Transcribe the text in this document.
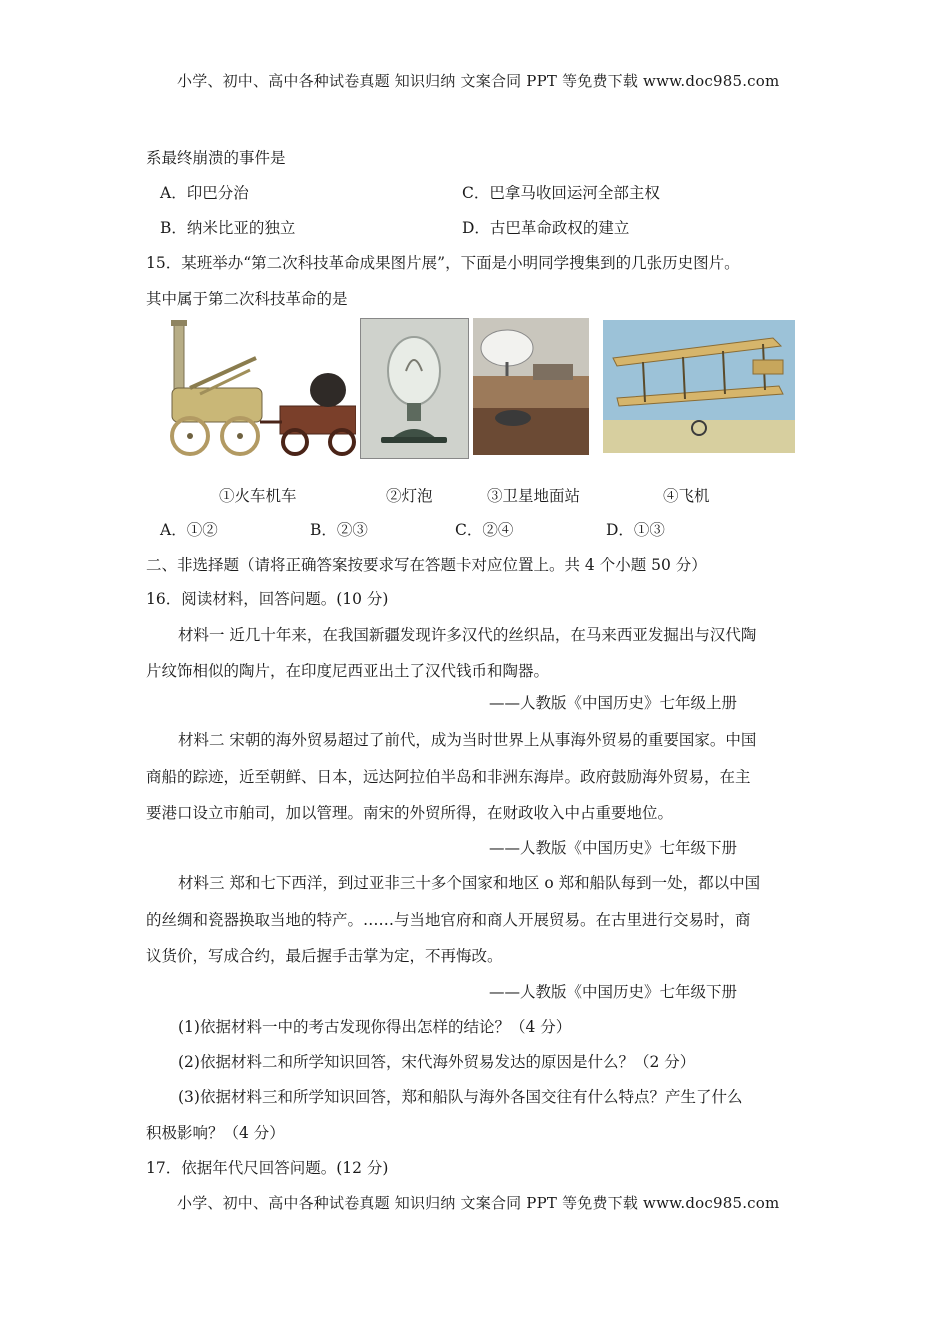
小学、初中、高中各种试卷真题 知识归纳 文案合同 PPT 等免费下载 www.doc985.com
系最终崩溃的事件是
A．印巴分治	C．巴拿马收回运河全部主权
B．纳米比亚的独立	D．古巴革命政权的建立
15．某班举办“第二次科技革命成果图片展”，下面是小明同学搜集到的几张历史图片。
其中属于第二次科技革命的是
①火车机车	②灯泡	③卫星地面站	④飞机
A．①②	B．②③	C．②④	D．①③
二、非选择题（请将正确答案按要求写在答题卡对应位置上。共 4 个小题 50 分）
16．阅读材料，回答问题。(10 分)
材料一 近几十年来，在我国新疆发现许多汉代的丝织品，在马来西亚发掘出与汉代陶
片纹饰相似的陶片，在印度尼西亚出土了汉代钱币和陶器。
——人教版《中国历史》七年级上册
材料二 宋朝的海外贸易超过了前代，成为当时世界上从事海外贸易的重要国家。中国
商船的踪迹，近至朝鲜、日本，远达阿拉伯半岛和非洲东海岸。政府鼓励海外贸易，在主
要港口设立市舶司，加以管理。南宋的外贸所得，在财政收入中占重要地位。
——人教版《中国历史》七年级下册
材料三 郑和七下西洋，到过亚非三十多个国家和地区 o 郑和船队每到一处，都以中国
的丝绸和瓷器换取当地的特产。……与当地官府和商人开展贸易。在古里进行交易时，商
议货价，写成合约，最后握手击掌为定，不再悔改。
——人教版《中国历史》七年级下册
(1)依据材料一中的考古发现你得出怎样的结论？（4 分）
(2)依据材料二和所学知识回答，宋代海外贸易发达的原因是什么？（2 分）
(3)依据材料三和所学知识回答，郑和船队与海外各国交往有什么特点？产生了什么
积极影响？（4 分）
17．依据年代尺回答问题。(12 分)
小学、初中、高中各种试卷真题 知识归纳 文案合同 PPT 等免费下载 www.doc985.com
